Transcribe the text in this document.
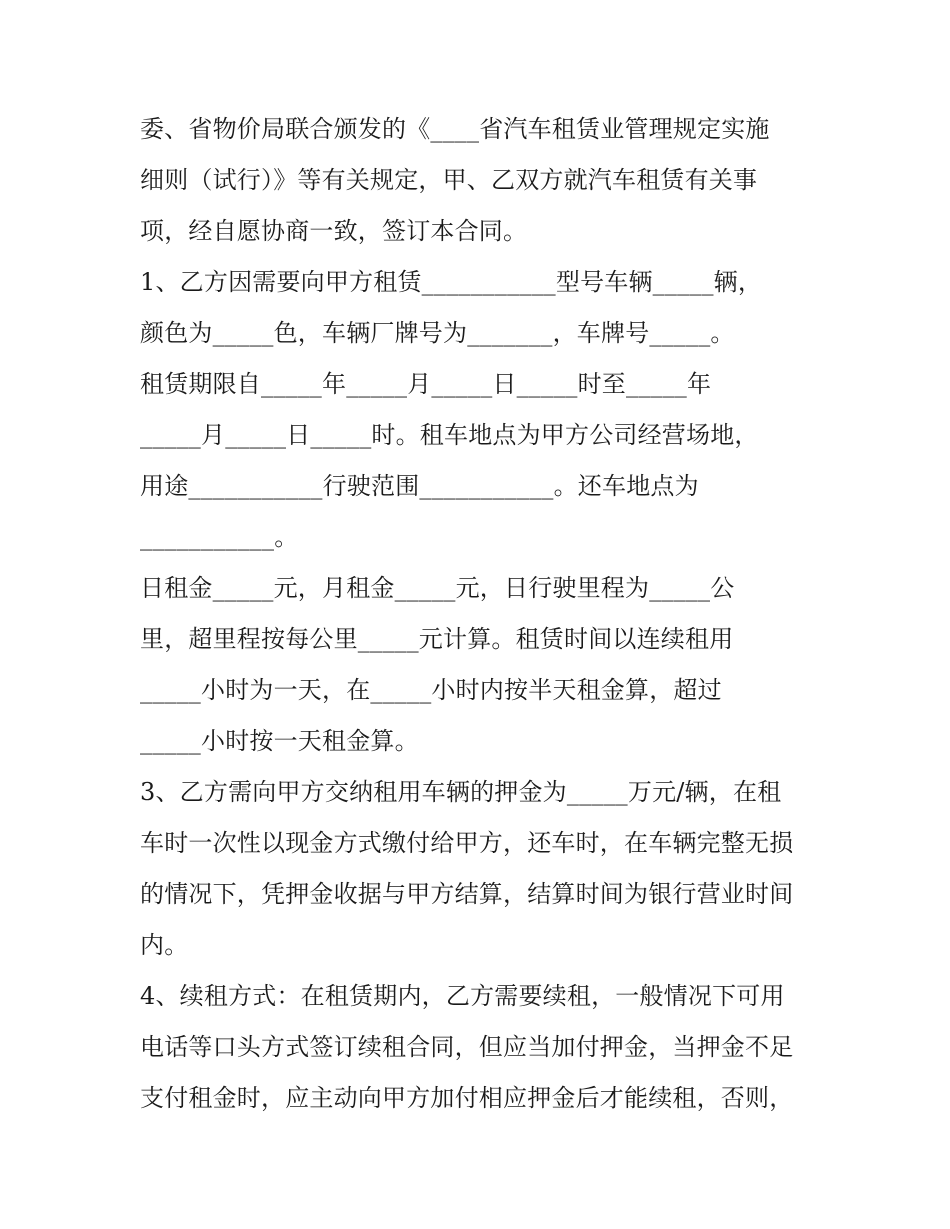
委、省物价局联合颁发的《____省汽车租赁业管理规定实施
细则（试行）》等有关规定，甲、乙双方就汽车租赁有关事
项，经自愿协商一致，签订本合同。
1、乙方因需要向甲方租赁___________型号车辆_____辆，
颜色为_____色，车辆厂牌号为_______，车牌号_____。
租赁期限自_____年_____月_____日_____时至_____年
_____月_____日_____时。租车地点为甲方公司经营场地，
用途___________行驶范围___________。还车地点为
___________。
日租金_____元，月租金_____元，日行驶里程为_____公
里，超里程按每公里_____元计算。租赁时间以连续租用
_____小时为一天，在_____小时内按半天租金算，超过
_____小时按一天租金算。
3、乙方需向甲方交纳租用车辆的押金为_____万元/辆，在租
车时一次性以现金方式缴付给甲方，还车时，在车辆完整无损
的情况下，凭押金收据与甲方结算，结算时间为银行营业时间
内。
4、续租方式：在租赁期内，乙方需要续租，一般情况下可用
电话等口头方式签订续租合同，但应当加付押金，当押金不足
支付租金时，应主动向甲方加付相应押金后才能续租，否则，
